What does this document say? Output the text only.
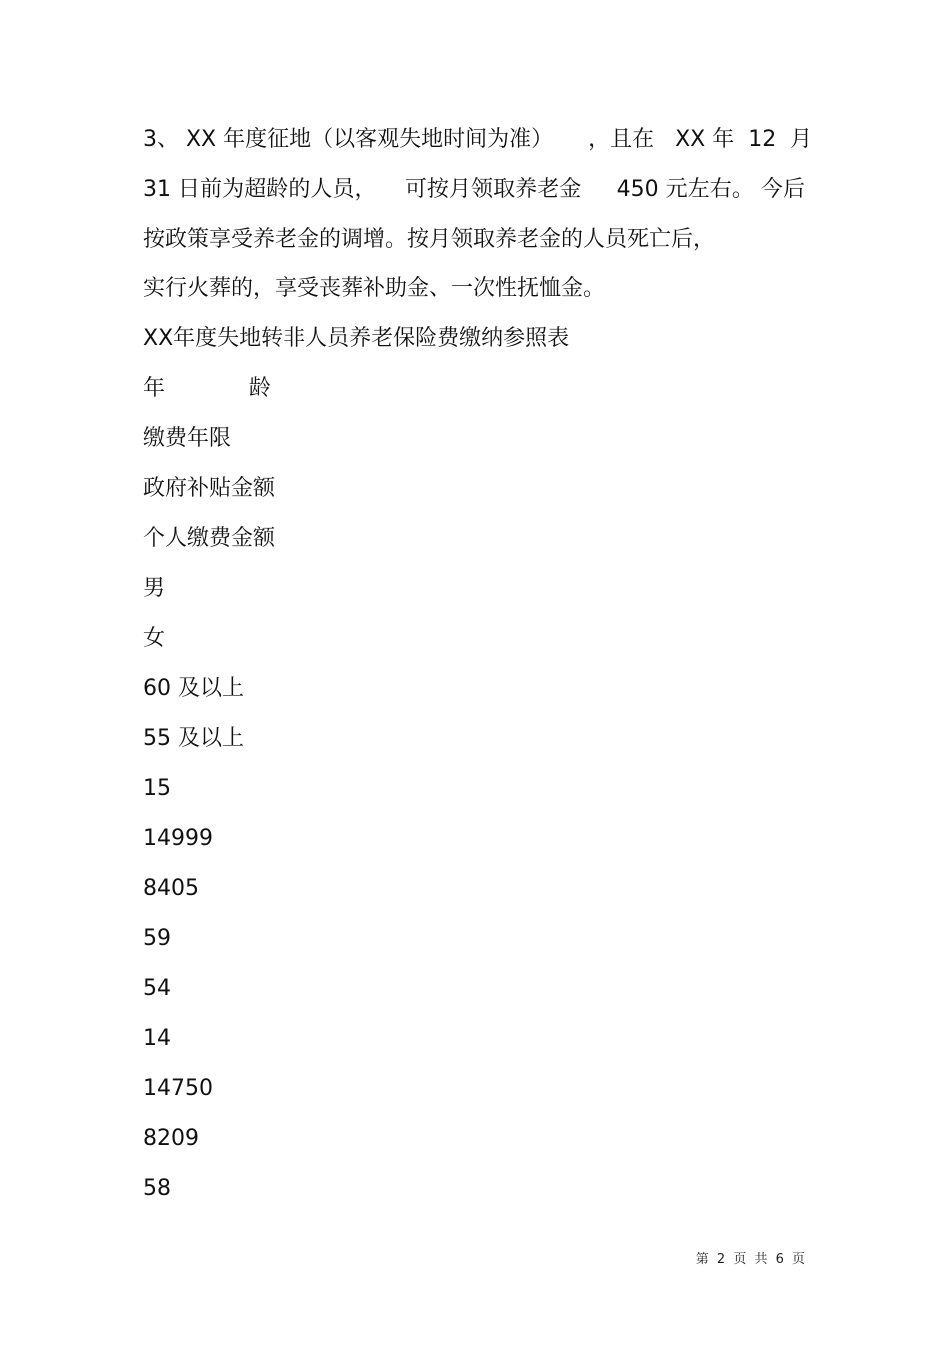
3、 XX 年度征地（以客观失地时间为准）     ，且在   XX 年  12  月
31 日前为超龄的人员，    可按月领取养老金     450 元左右。 今后
按政策享受养老金的调增。按月领取养老金的人员死亡后，
实行火葬的，享受丧葬补助金、一次性抚恤金。
XX年度失地转非人员养老保险费缴纳参照表
年            龄
缴费年限
政府补贴金额
个人缴费金额
男
女
60 及以上
55 及以上
15
14999
8405
59
54
14
14750
8209
58
第 2 页 共 6 页
